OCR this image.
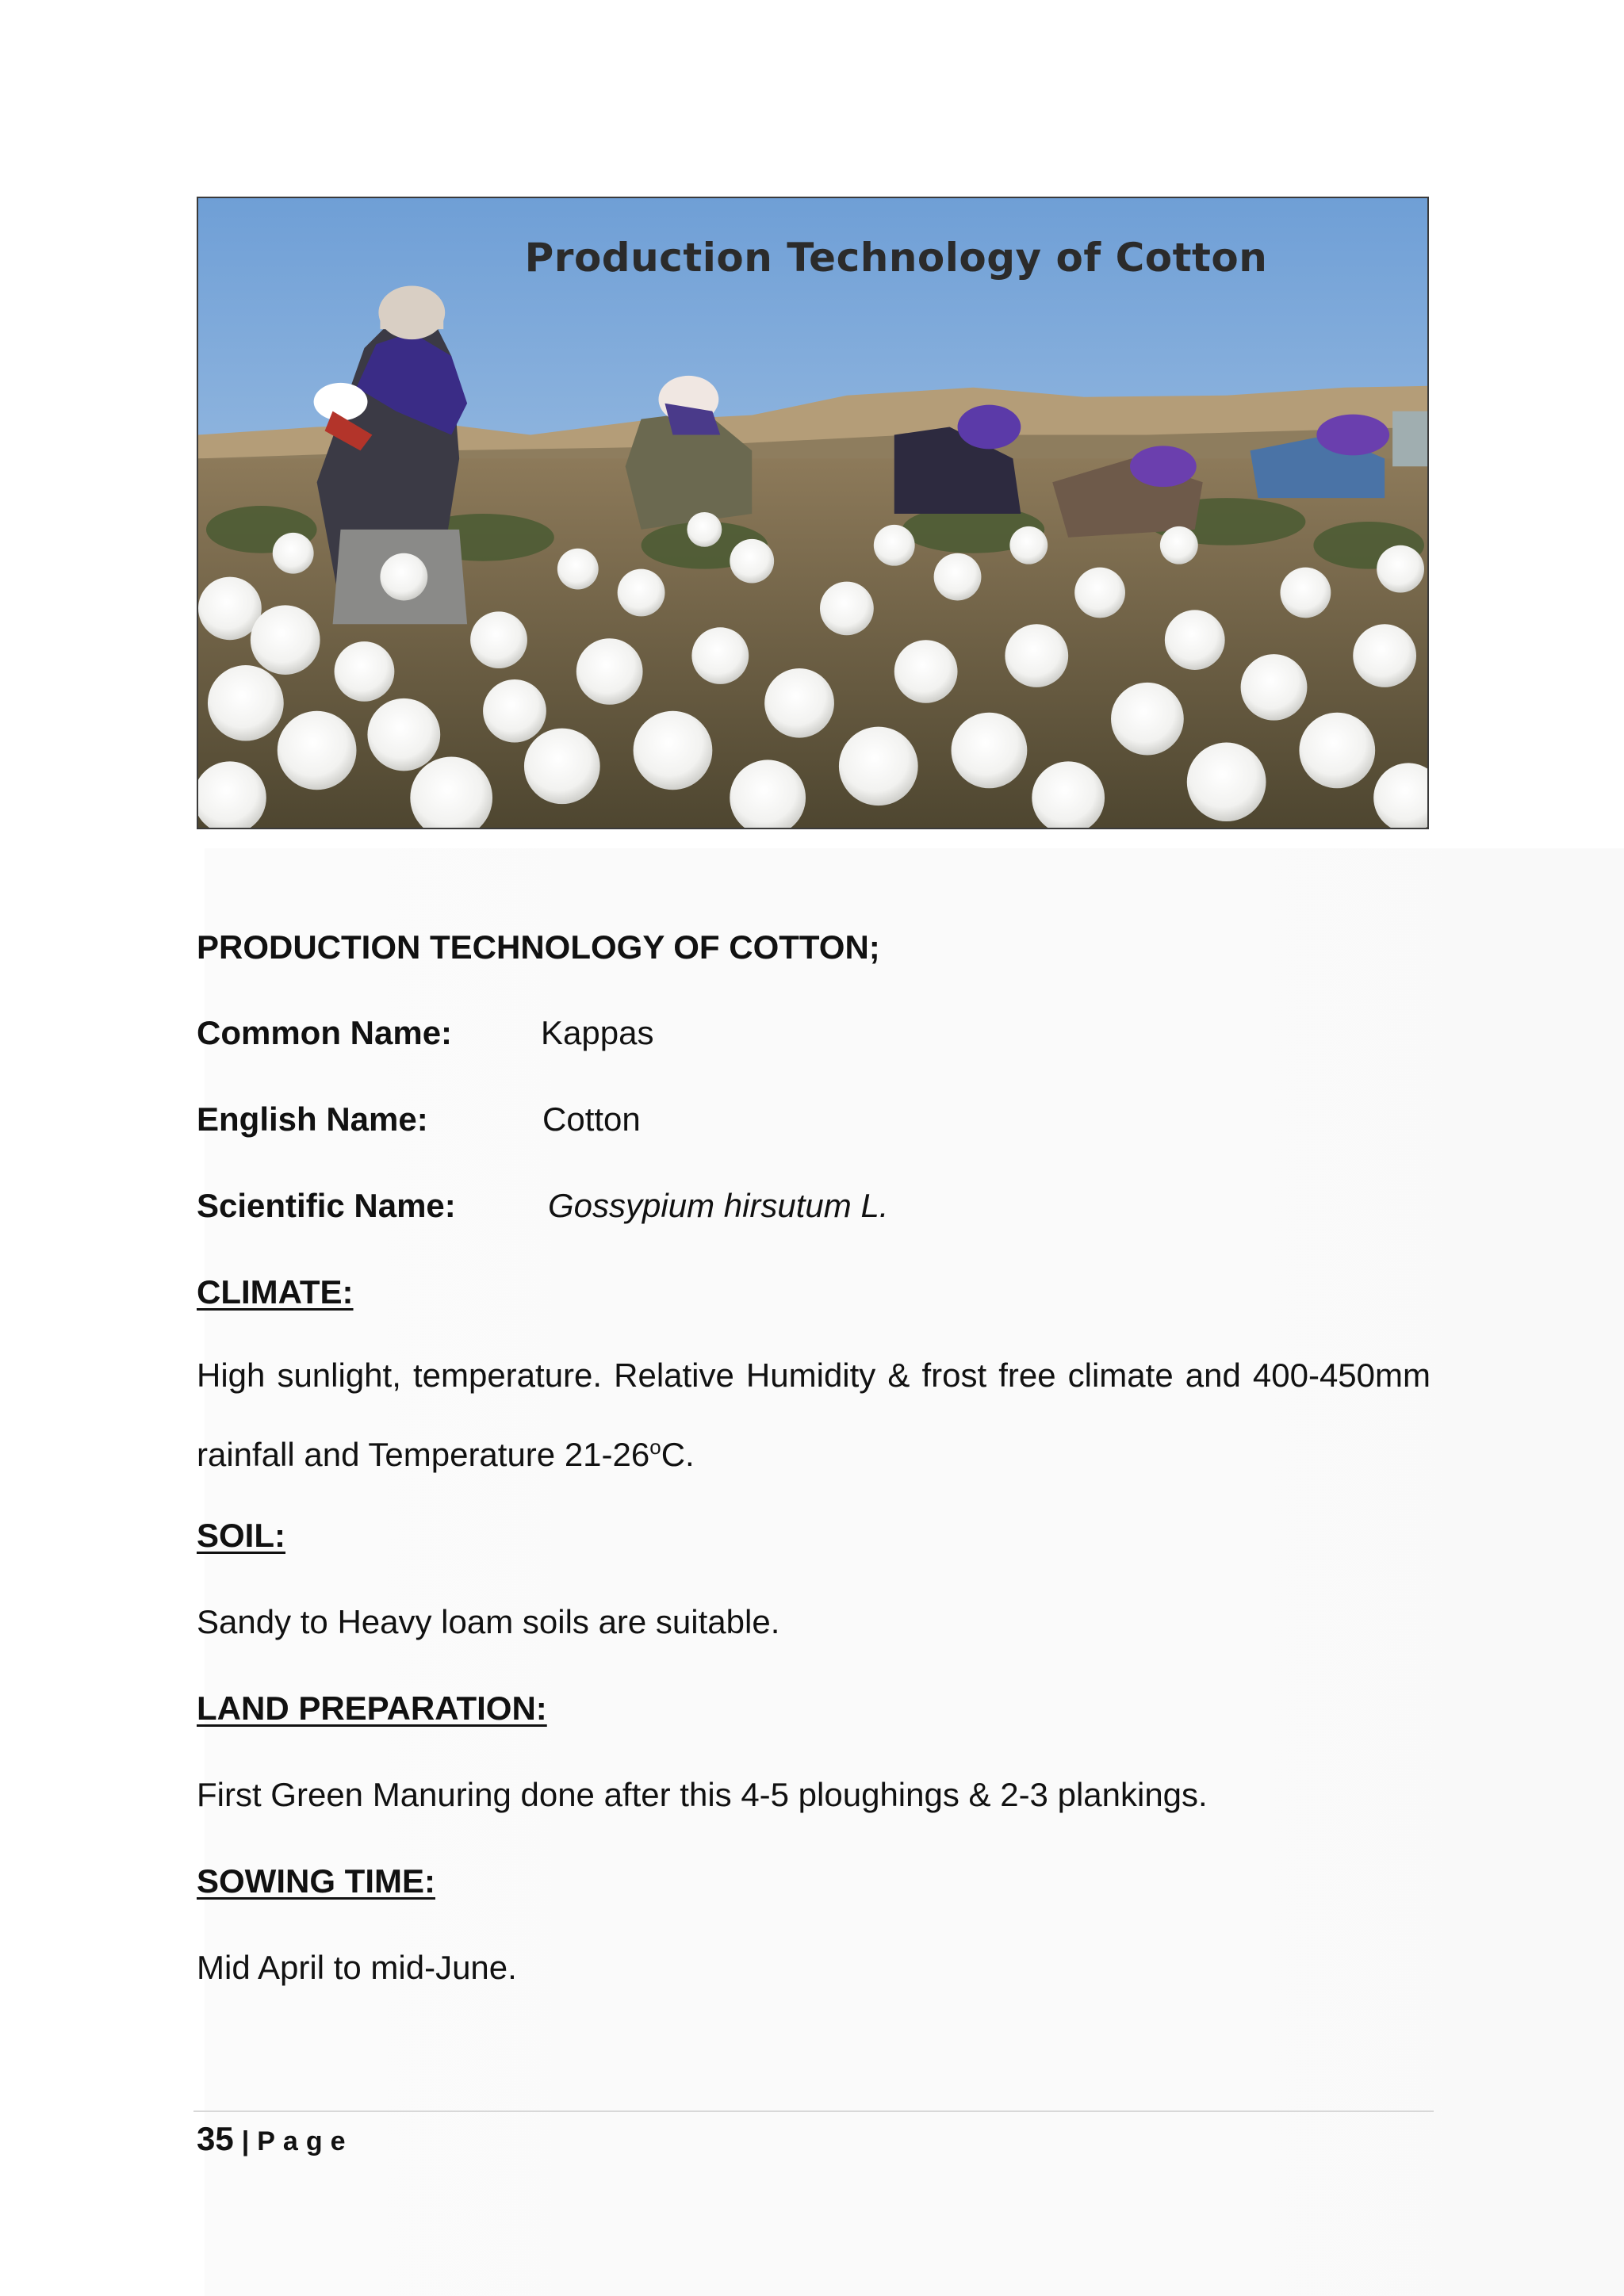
Production Technology of Cotton
PRODUCTION TECHNOLOGY OF COTTON;
Common Name:	Kappas
English Name:	Cotton
Scientific Name:	Gossypium hirsutum L.
CLIMATE:
High sunlight, temperature. Relative Humidity & frost free climate and 400-450mm rainfall and Temperature 21-26$^o$C.
SOIL:
Sandy to Heavy loam soils are suitable.
LAND PREPARATION:
First Green Manuring done after this 4-5 ploughings & 2-3 plankings.
SOWING TIME:
Mid April to mid-June.
35 | Page
